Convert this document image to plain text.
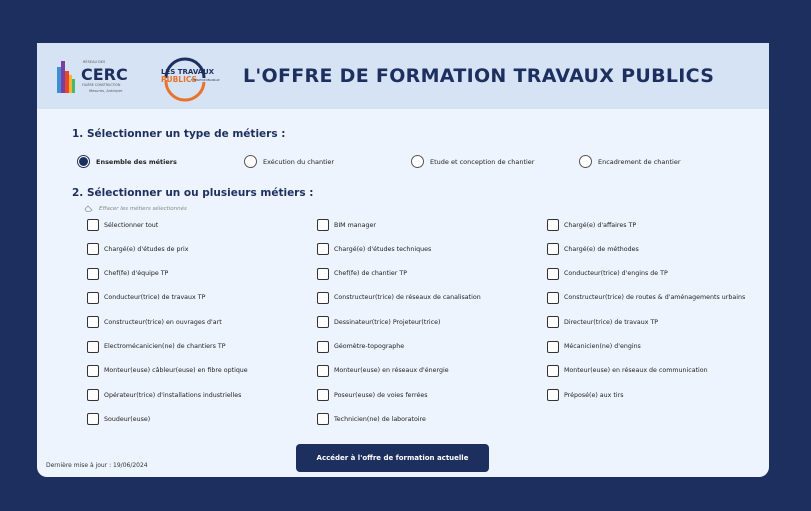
RÉSEAU DES
CERC
FILIÈRE CONSTRUCTION
Mesures, Anticiper
LES TRAVAUX
PUBLICS
FÉDÉRATION RÉGIONALE L'OFFRE DE FORMATION TRAVAUX PUBLICS
1. Sélectionner un type de métiers :
Ensemble des métiers	Exécution du chantier	Etude et conception de chantier	Encadrement de chantier
2. Sélectionner un ou plusieurs métiers :
Effacer les métiers sélectionnés
Sélectionner tout	BIM manager	Chargé(e) d'affaires TP
Chargé(e) d'études de prix	Chargé(e) d'études techniques	Chargé(e) de méthodes
Chef(fe) d'équipe TP	Chef(fe) de chantier TP	Conducteur(trice) d'engins de TP
Conducteur(trice) de travaux TP	Constructeur(trice) de réseaux de canalisation	Constructeur(trice) de routes & d'aménagements urbains
Constructeur(trice) en ouvrages d'art	Dessinateur(trice) Projeteur(trice)	Directeur(trice) de travaux TP
Electromécanicien(ne) de chantiers TP	Géomètre-topographe	Mécanicien(ne) d'engins
Monteur(euse) câbleur(euse) en fibre optique	Monteur(euse) en réseaux d'énergie	Monteur(euse) en réseaux de communication
Opérateur(trice) d'installations industrielles	Poseur(euse) de voies ferrées	Préposé(e) aux tirs
Soudeur(euse)	Technicien(ne) de laboratoire
Dernière mise à jour : 19/06/2024
Accéder à l'offre de formation actuelle
